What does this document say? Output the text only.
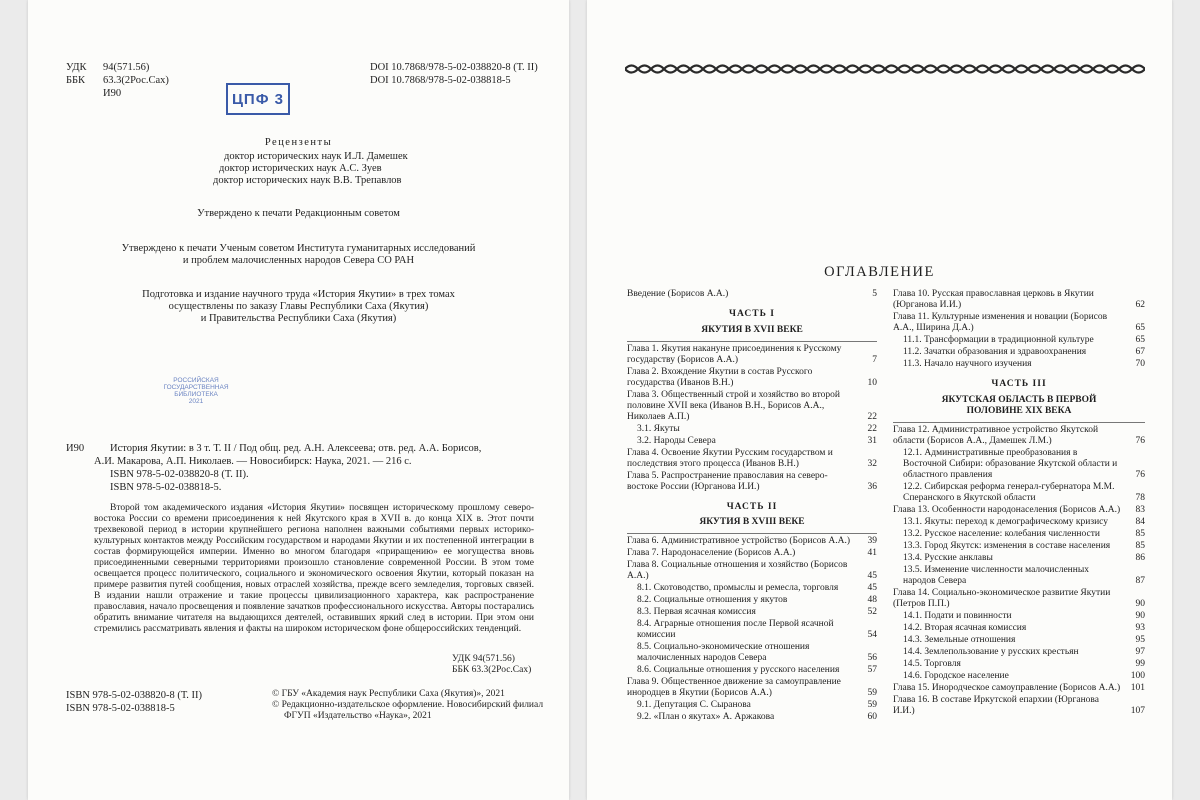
УДК 94(571.56)
ББК 63.3(2Рос.Сах)
И90	ЦПФ 3
DOI 10.7868/978-5-02-038820-8 (Т. II)
DOI 10.7868/978-5-02-038818-5
Рецензенты
доктор исторических наук И.Л. Дамешек
доктор исторических наук А.С. Зуев
доктор исторических наук В.В. Трепавлов
Утверждено к печати Редакционным советом
Утверждено к печати Ученым советом Института гуманитарных исследований
и проблем малочисленных народов Севера СО РАН
Подготовка и издание научного труда «История Якутии» в трех томах
осуществлены по заказу Главы Республики Саха (Якутия)
и Правительства Республики Саха (Якутия)
РОССИЙСКАЯ
ГОСУДАРСТВЕННАЯ
БИБЛИОТЕКА
2021
И90 История Якутии: в 3 т. Т. II / Под общ. ред. А.Н. Алексеева; отв. ред. А.А. Борисов,
А.И. Макарова, А.П. Николаев. — Новосибирск: Наука, 2021. — 216 с.
ISBN 978-5-02-038820-8 (Т. II).
ISBN 978-5-02-038818-5.

Второй том академического издания «История Якутии» посвящен историческому прошлому северо-востока России со времени присоединения к ней Якутского края в XVII в. до конца XIX в. Этот почти трехвековой период в истории крупнейшего региона наполнен важными событиями первых историко-культурных контактов между Российским государством и народами Якутии и их постепенной интеграции в состав формирующейся империи. Именно во многом благодаря «приращению» ее могущества вновь присоединенными северными территориями произошло становление современной России. В этом томе освещается процесс политического, социального и экономического освоения Якутии, который показан на примере развития путей сообщения, новых отраслей хозяйства, прежде всего земледелия, торговых связей. В издании нашли отражение и такие процессы цивилизационного характера, как распространение православия, начало просвещения и появление зачатков профессионального искусства. Авторы постарались обратить внимание читателя на выдающихся деятелей, оставивших яркий след в истории. При этом они стремились рассматривать явления и факты на широком историческом фоне общероссийских тенденций.

УДК 94(571.56)
ББК 63.3(2Рос.Сах)
ISBN 978-5-02-038820-8 (Т. II)
ISBN 978-5-02-038818-5
© ГБУ «Академия наук Республики Саха (Якутия)», 2021
© Редакционно-издательское оформление. Новосибирский филиал
ФГУП «Издательство «Наука», 2021
ОГЛАВЛЕНИЕ
Введение (Борисов А.А.)	5
ЧАСТЬ I
ЯКУТИЯ В XVII ВЕКЕ
Глава 1. Якутия накануне присоединения к Русскому государству (Борисов А.А.)	7
Глава 2. Вхождение Якутии в состав Русского государства (Иванов В.Н.)	10
Глава 3. Общественный строй и хозяйство во второй половине XVII века (Иванов В.Н., Борисов А.А., Николаев А.П.)	22
3.1. Якуты	22
3.2. Народы Севера	31
Глава 4. Освоение Якутии Русским государством и последствия этого процесса (Иванов В.Н.)	32
Глава 5. Распространение православия на северо-востоке России (Юрганова И.И.)	36
ЧАСТЬ II
ЯКУТИЯ В XVIII ВЕКЕ
Глава 6. Административное устройство (Борисов А.А.)	39
Глава 7. Народонаселение (Борисов А.А.)	41
Глава 8. Социальные отношения и хозяйство (Борисов А.А.)	45
8.1. Скотоводство, промыслы и ремесла, торговля	45
8.2. Социальные отношения у якутов	48
8.3. Первая ясачная комиссия	52
8.4. Аграрные отношения после Первой ясачной комиссии	54
8.5. Социально-экономические отношения малочисленных народов Севера	56
8.6. Социальные отношения у русского населения	57
Глава 9. Общественное движение за самоуправление инородцев в Якутии (Борисов А.А.)	59
9.1. Депутация С. Сыранова	59
9.2. «План о якутах» А. Аржакова	60
Глава 10. Русская православная церковь в Якутии (Юрганова И.И.)	62
Глава 11. Культурные изменения и новации (Борисов А.А., Ширина Д.А.)	65
11.1. Трансформации в традиционной культуре	65
11.2. Зачатки образования и здравоохранения	67
11.3. Начало научного изучения	70
ЧАСТЬ III
ЯКУТСКАЯ ОБЛАСТЬ В ПЕРВОЙ ПОЛОВИНЕ XIX ВЕКА
Глава 12. Административное устройство Якутской области (Борисов А.А., Дамешек Л.М.)	76
12.1. Административные преобразования в Восточной Сибири: образование Якутской области и областного правления	76
12.2. Сибирская реформа генерал-губернатора М.М. Сперанского в Якутской области	78
Глава 13. Особенности народонаселения (Борисов А.А.)	83
13.1. Якуты: переход к демографическому кризису	84
13.2. Русское население: колебания численности	85
13.3. Город Якутск: изменения в составе населения	85
13.4. Русские анклавы	86
13.5. Изменение численности малочисленных народов Севера	87
Глава 14. Социально-экономическое развитие Якутии (Петров П.П.)	90
14.1. Подати и повинности	90
14.2. Вторая ясачная комиссия	93
14.3. Земельные отношения	95
14.4. Землепользование у русских крестьян	97
14.5. Торговля	99
14.6. Городское население	100
Глава 15. Инородческое самоуправление (Борисов А.А.)	101
Глава 16. В составе Иркутской епархии (Юрганова И.И.)	107
